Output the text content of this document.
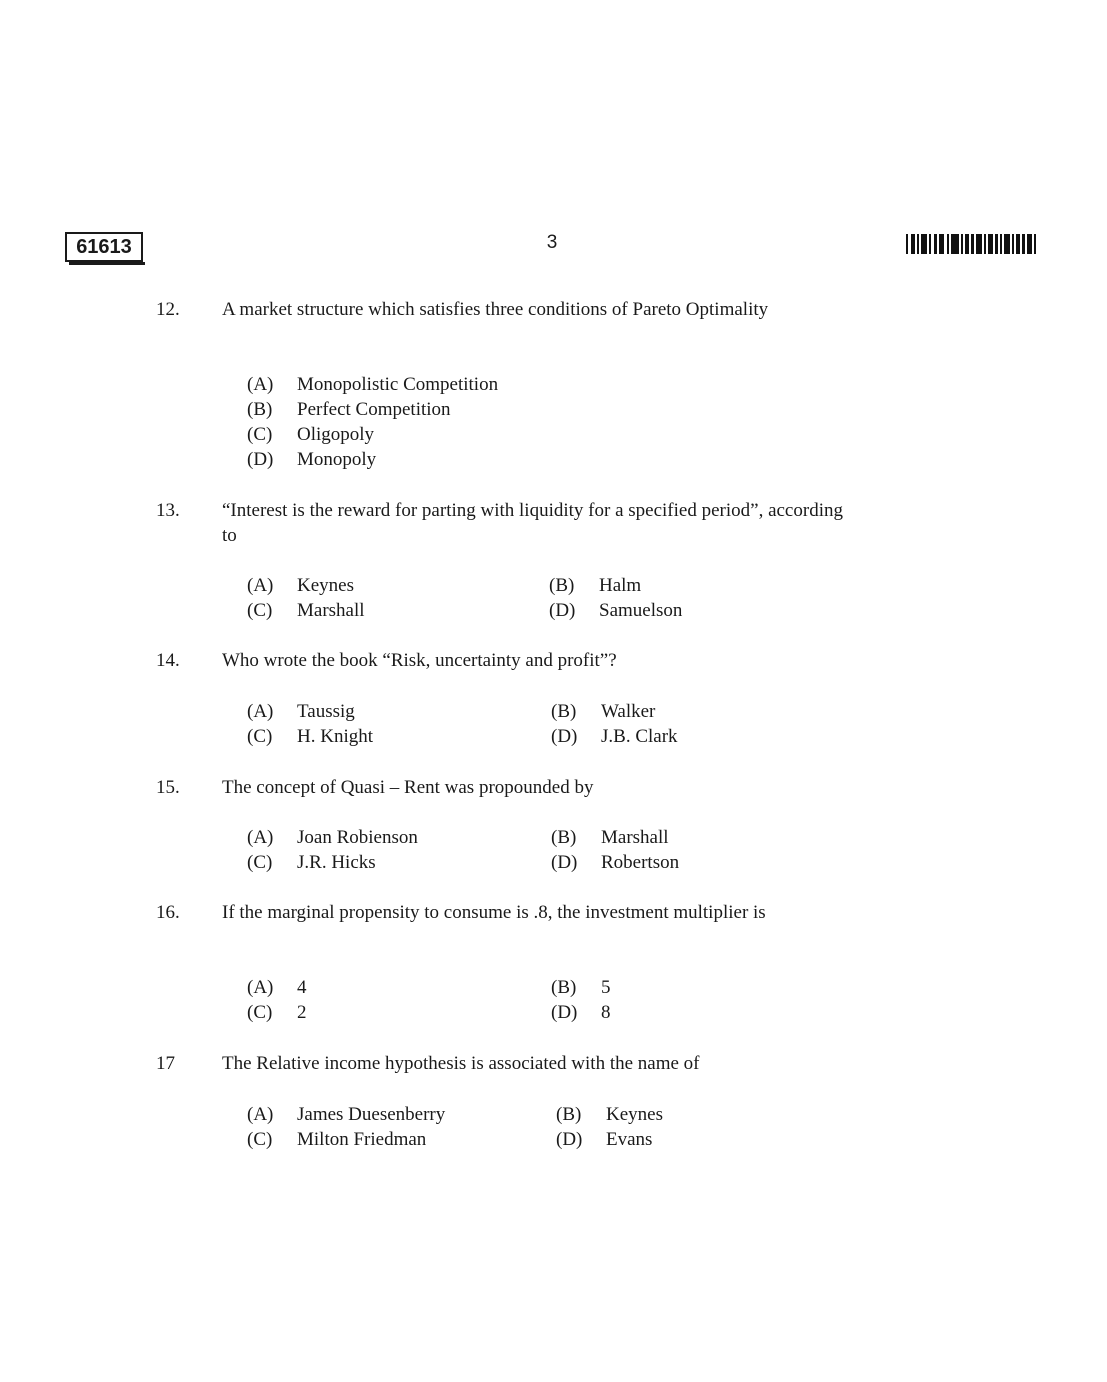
61613	3
12. A market structure which satisfies three conditions of Pareto Optimality
(A) Monopolistic Competition
(B) Perfect Competition
(C) Oligopoly
(D) Monopoly
13. “Interest is the reward for parting with liquidity for a specified period”, according to
(A) Keynes	(B) Halm
(C) Marshall	(D) Samuelson
14. Who wrote the book “Risk, uncertainty and profit”?
(A) Taussig	(B) Walker
(C) H. Knight	(D) J.B. Clark
15. The concept of Quasi – Rent was propounded by
(A) Joan Robienson	(B) Marshall
(C) J.R. Hicks	(D) Robertson
16. If the marginal propensity to consume is .8, the investment multiplier is
(A) 4	(B) 5
(C) 2	(D) 8
17 The Relative income hypothesis is associated with the name of
(A) James Duesenberry	(B) Keynes
(C) Milton Friedman	(D) Evans
